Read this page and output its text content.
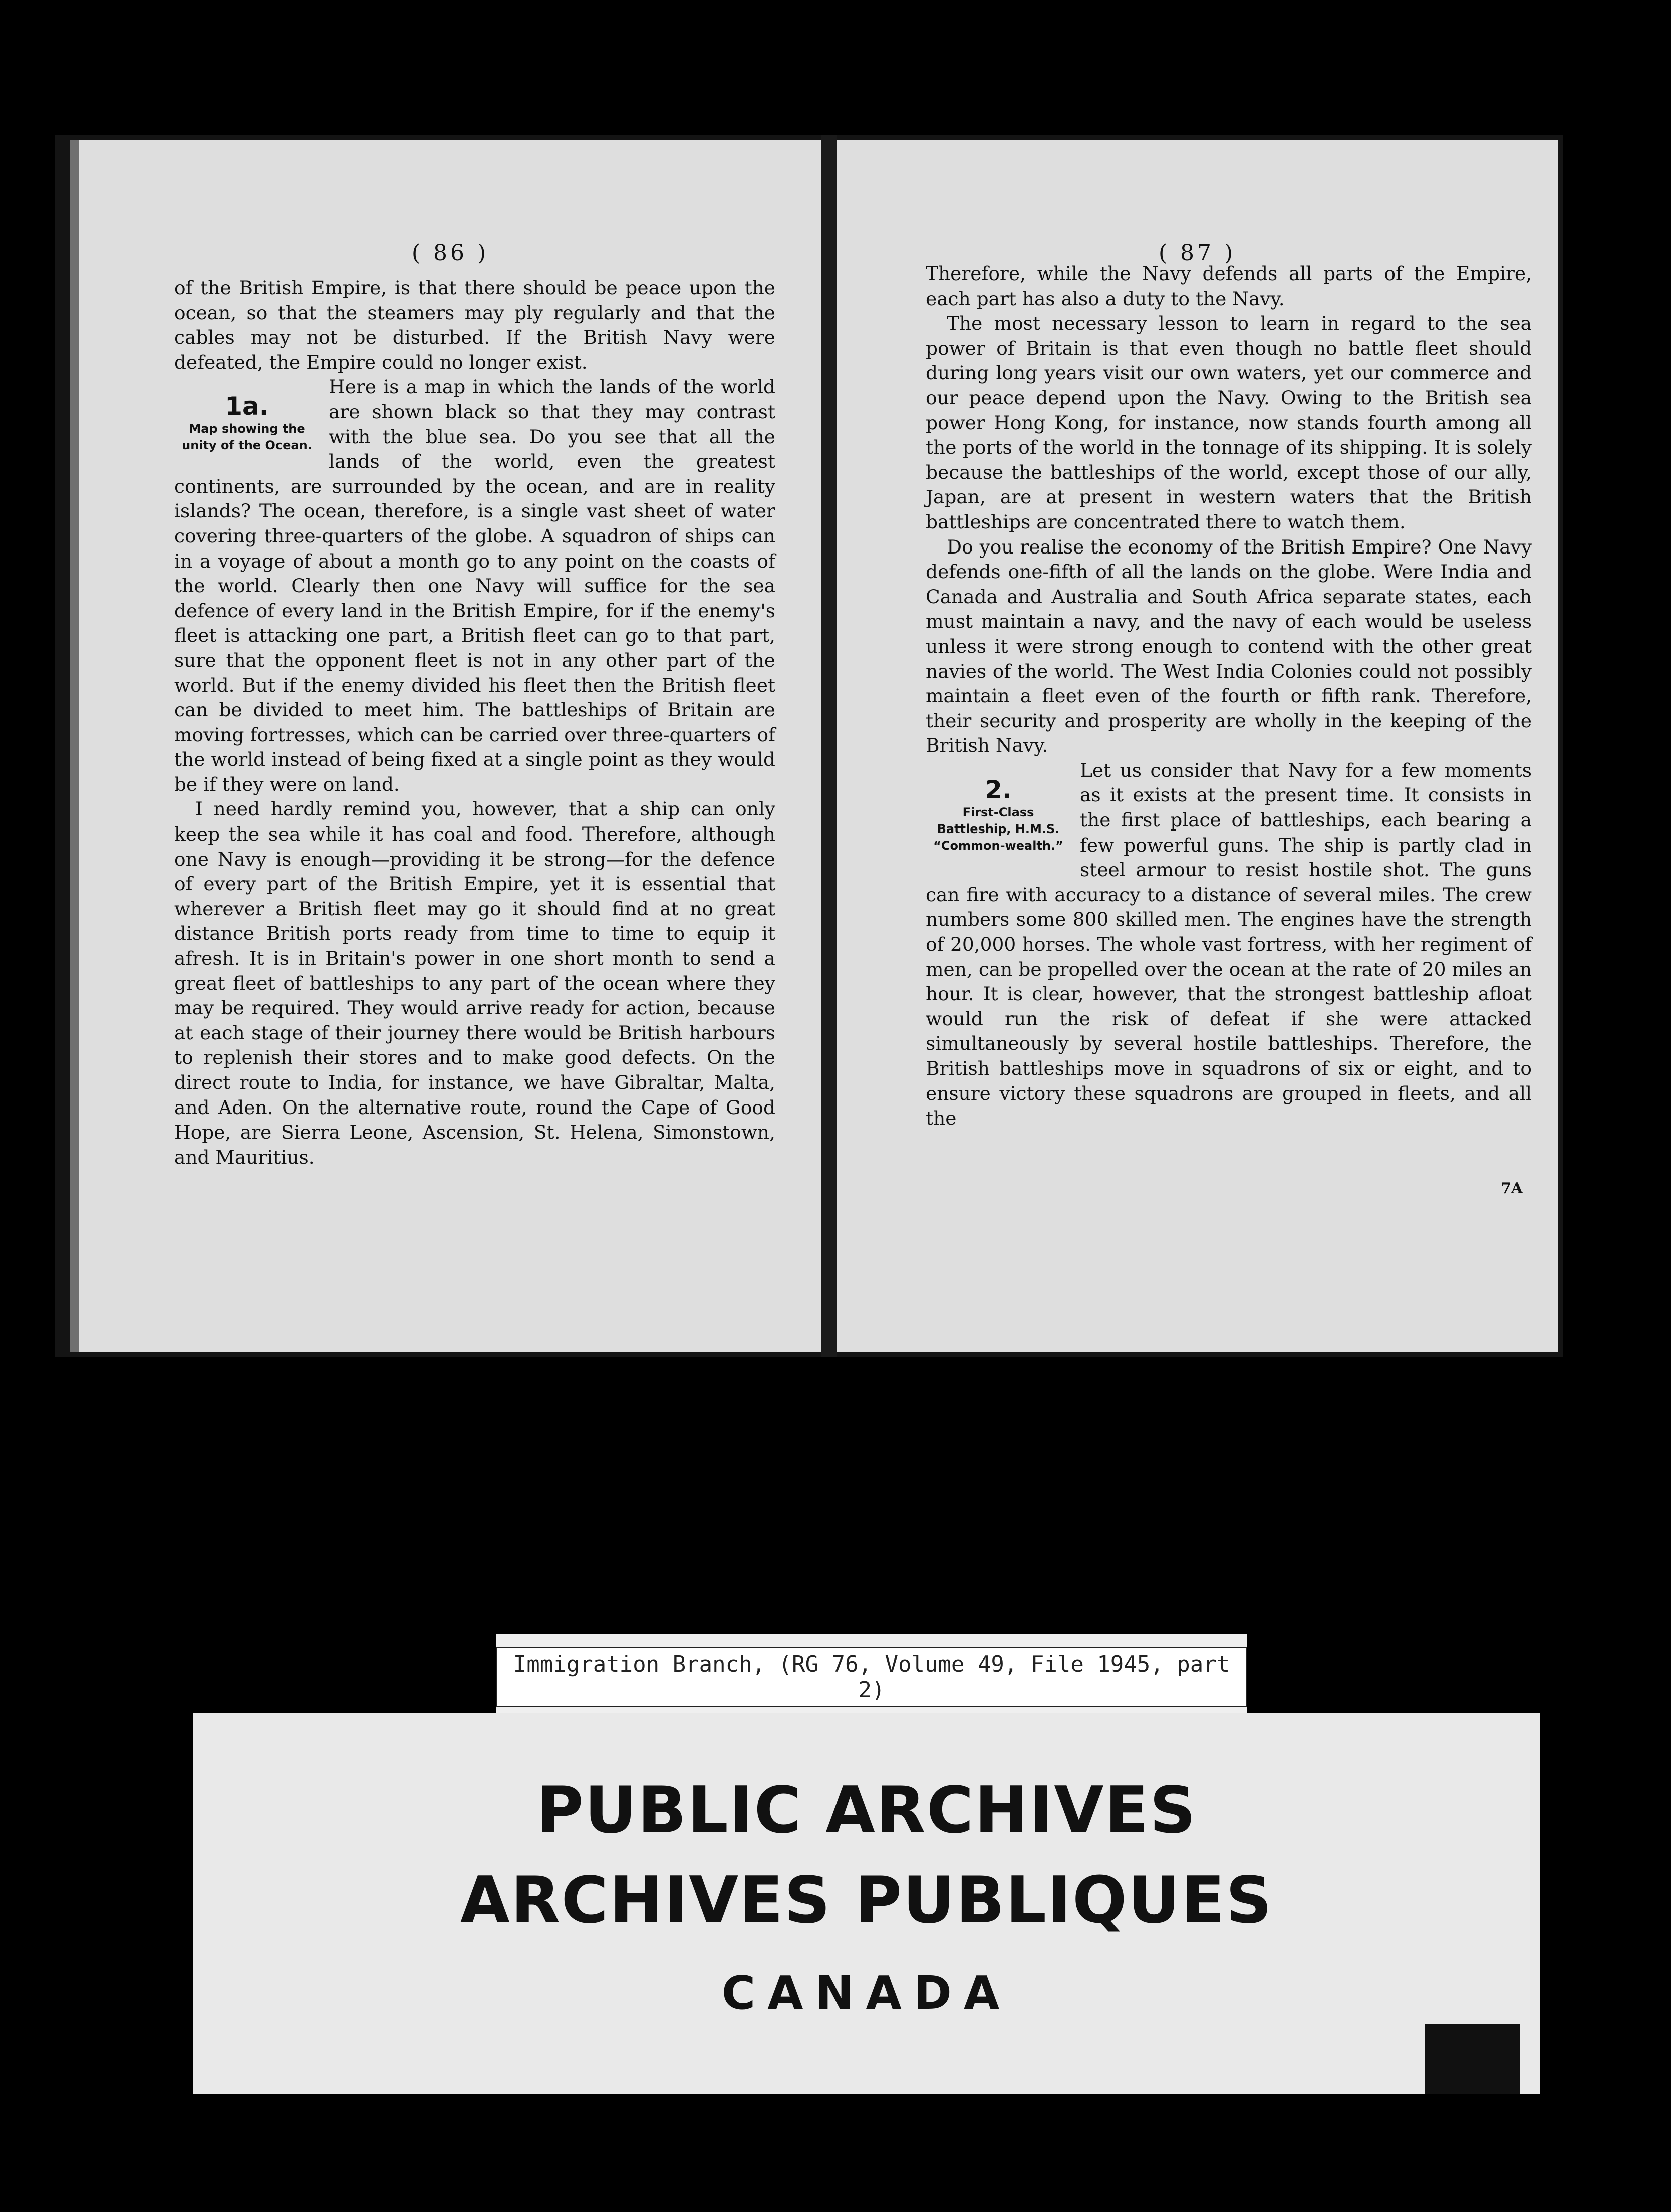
( 86 )

of the British Empire, is that there should be peace upon the ocean, so that the steamers may ply regularly and that the cables may not be disturbed. If the British Navy were defeated, the Empire could no longer exist.

1a.
Map showing the unity of the Ocean.

Here is a map in which the lands of the world are shown black so that they may contrast with the blue sea. Do you see that all the lands of the world, even the greatest continents, are surrounded by the ocean, and are in reality islands? The ocean, therefore, is a single vast sheet of water covering three-quarters of the globe. A squadron of ships can in a voyage of about a month go to any point on the coasts of the world. Clearly then one Navy will suffice for the sea defence of every land in the British Empire, for if the enemy's fleet is attacking one part, a British fleet can go to that part, sure that the opponent fleet is not in any other part of the world. But if the enemy divided his fleet then the British fleet can be divided to meet him. The battleships of Britain are moving fortresses, which can be carried over three-quarters of the world instead of being fixed at a single point as they would be if they were on land.

I need hardly remind you, however, that a ship can only keep the sea while it has coal and food. Therefore, although one Navy is enough—providing it be strong—for the defence of every part of the British Empire, yet it is essential that wherever a British fleet may go it should find at no great distance British ports ready from time to time to equip it afresh. It is in Britain's power in one short month to send a great fleet of battleships to any part of the ocean where they may be required. They would arrive ready for action, because at each stage of their journey there would be British harbours to replenish their stores and to make good defects. On the direct route to India, for instance, we have Gibraltar, Malta, and Aden. On the alternative route, round the Cape of Good Hope, are Sierra Leone, Ascension, St. Helena, Simonstown, and Mauritius.

( 87 )

Therefore, while the Navy defends all parts of the Empire, each part has also a duty to the Navy.

The most necessary lesson to learn in regard to the sea power of Britain is that even though no battle fleet should during long years visit our own waters, yet our commerce and our peace depend upon the Navy. Owing to the British sea power Hong Kong, for instance, now stands fourth among all the ports of the world in the tonnage of its shipping. It is solely because the battleships of the world, except those of our ally, Japan, are at present in western waters that the British battleships are concentrated there to watch them.

Do you realise the economy of the British Empire? One Navy defends one-fifth of all the lands on the globe. Were India and Canada and Australia and South Africa separate states, each must maintain a navy, and the navy of each would be useless unless it were strong enough to contend with the other great navies of the world. The West India Colonies could not possibly maintain a fleet even of the fourth or fifth rank. Therefore, their security and prosperity are wholly in the keeping of the British Navy.

2.
First-Class Battleship, H.M.S. “Common-wealth.”

Let us consider that Navy for a few moments as it exists at the present time. It consists in the first place of battleships, each bearing a few powerful guns. The ship is partly clad in steel armour to resist hostile shot. The guns can fire with accuracy to a distance of several miles. The crew numbers some 800 skilled men. The engines have the strength of 20,000 horses. The whole vast fortress, with her regiment of men, can be propelled over the ocean at the rate of 20 miles an hour. It is clear, however, that the strongest battleship afloat would run the risk of defeat if she were attacked simultaneously by several hostile battleships. Therefore, the British battleships move in squadrons of six or eight, and to ensure victory these squadrons are grouped in fleets, and all the

7A
Immigration Branch, (RG 76, Volume 49, File 1945, part 2)
PUBLIC ARCHIVES
ARCHIVES PUBLIQUES
CANADA
